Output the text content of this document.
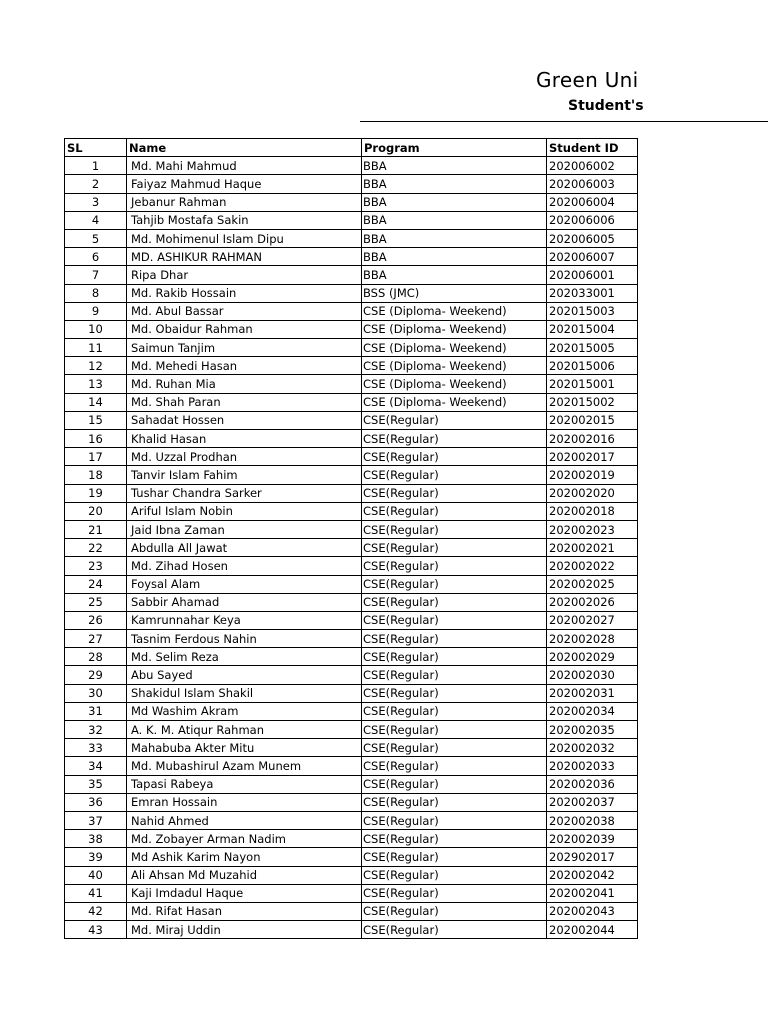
Green Uni
Student's
SL	Name	Program	Student ID
1	Md. Mahi Mahmud	BBA	202006002
2	Faiyaz Mahmud Haque	BBA	202006003
3	Jebanur Rahman	BBA	202006004
4	Tahjib Mostafa Sakin	BBA	202006006
5	Md. Mohimenul Islam Dipu	BBA	202006005
6	MD. ASHIKUR RAHMAN	BBA	202006007
7	Ripa Dhar	BBA	202006001
8	Md. Rakib Hossain	BSS (JMC)	202033001
9	Md. Abul Bassar	CSE (Diploma- Weekend)	202015003
10	Md. Obaidur Rahman	CSE (Diploma- Weekend)	202015004
11	Saimun Tanjim	CSE (Diploma- Weekend)	202015005
12	Md. Mehedi Hasan	CSE (Diploma- Weekend)	202015006
13	Md. Ruhan Mia	CSE (Diploma- Weekend)	202015001
14	Md. Shah Paran	CSE (Diploma- Weekend)	202015002
15	Sahadat Hossen	CSE(Regular)	202002015
16	Khalid Hasan	CSE(Regular)	202002016
17	Md. Uzzal Prodhan	CSE(Regular)	202002017
18	Tanvir Islam Fahim	CSE(Regular)	202002019
19	Tushar Chandra Sarker	CSE(Regular)	202002020
20	Ariful Islam Nobin	CSE(Regular)	202002018
21	Jaid Ibna Zaman	CSE(Regular)	202002023
22	Abdulla All Jawat	CSE(Regular)	202002021
23	Md. Zihad Hosen	CSE(Regular)	202002022
24	Foysal Alam	CSE(Regular)	202002025
25	Sabbir Ahamad	CSE(Regular)	202002026
26	Kamrunnahar Keya	CSE(Regular)	202002027
27	Tasnim Ferdous Nahin	CSE(Regular)	202002028
28	Md. Selim Reza	CSE(Regular)	202002029
29	Abu Sayed	CSE(Regular)	202002030
30	Shakidul Islam Shakil	CSE(Regular)	202002031
31	Md Washim Akram	CSE(Regular)	202002034
32	A. K. M. Atiqur Rahman	CSE(Regular)	202002035
33	Mahabuba Akter Mitu	CSE(Regular)	202002032
34	Md. Mubashirul Azam Munem	CSE(Regular)	202002033
35	Tapasi Rabeya	CSE(Regular)	202002036
36	Emran Hossain	CSE(Regular)	202002037
37	Nahid Ahmed	CSE(Regular)	202002038
38	Md. Zobayer Arman Nadim	CSE(Regular)	202002039
39	Md Ashik Karim Nayon	CSE(Regular)	202902017
40	Ali Ahsan Md Muzahid	CSE(Regular)	202002042
41	Kaji Imdadul Haque	CSE(Regular)	202002041
42	Md. Rifat Hasan	CSE(Regular)	202002043
43	Md. Miraj Uddin	CSE(Regular)	202002044
